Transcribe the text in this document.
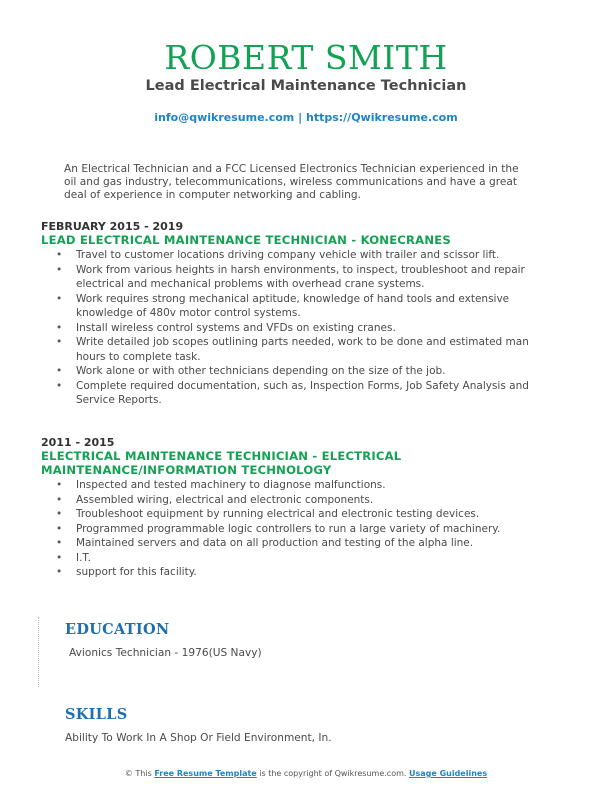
ROBERT SMITH
Lead Electrical Maintenance Technician
info@qwikresume.com | https://Qwikresume.com
An Electrical Technician and a FCC Licensed Electronics Technician experienced in the oil and gas industry, telecommunications, wireless communications and have a great deal of experience in computer networking and cabling.
FEBRUARY 2015 - 2019
LEAD ELECTRICAL MAINTENANCE TECHNICIAN - KONECRANES
• Travel to customer locations driving company vehicle with trailer and scissor lift.
• Work from various heights in harsh environments, to inspect, troubleshoot and repair electrical and mechanical problems with overhead crane systems.
• Work requires strong mechanical aptitude, knowledge of hand tools and extensive knowledge of 480v motor control systems.
• Install wireless control systems and VFDs on existing cranes.
• Write detailed job scopes outlining parts needed, work to be done and estimated man hours to complete task.
• Work alone or with other technicians depending on the size of the job.
• Complete required documentation, such as, Inspection Forms, Job Safety Analysis and Service Reports.
2011 - 2015
ELECTRICAL MAINTENANCE TECHNICIAN - ELECTRICAL MAINTENANCE/INFORMATION TECHNOLOGY
• Inspected and tested machinery to diagnose malfunctions.
• Assembled wiring, electrical and electronic components.
• Troubleshoot equipment by running electrical and electronic testing devices.
• Programmed programmable logic controllers to run a large variety of machinery.
• Maintained servers and data on all production and testing of the alpha line.
• I.T.
• support for this facility.
EDUCATION
Avionics Technician - 1976(US Navy)
SKILLS
Ability To Work In A Shop Or Field Environment, In.
© This Free Resume Template is the copyright of Qwikresume.com. Usage Guidelines
